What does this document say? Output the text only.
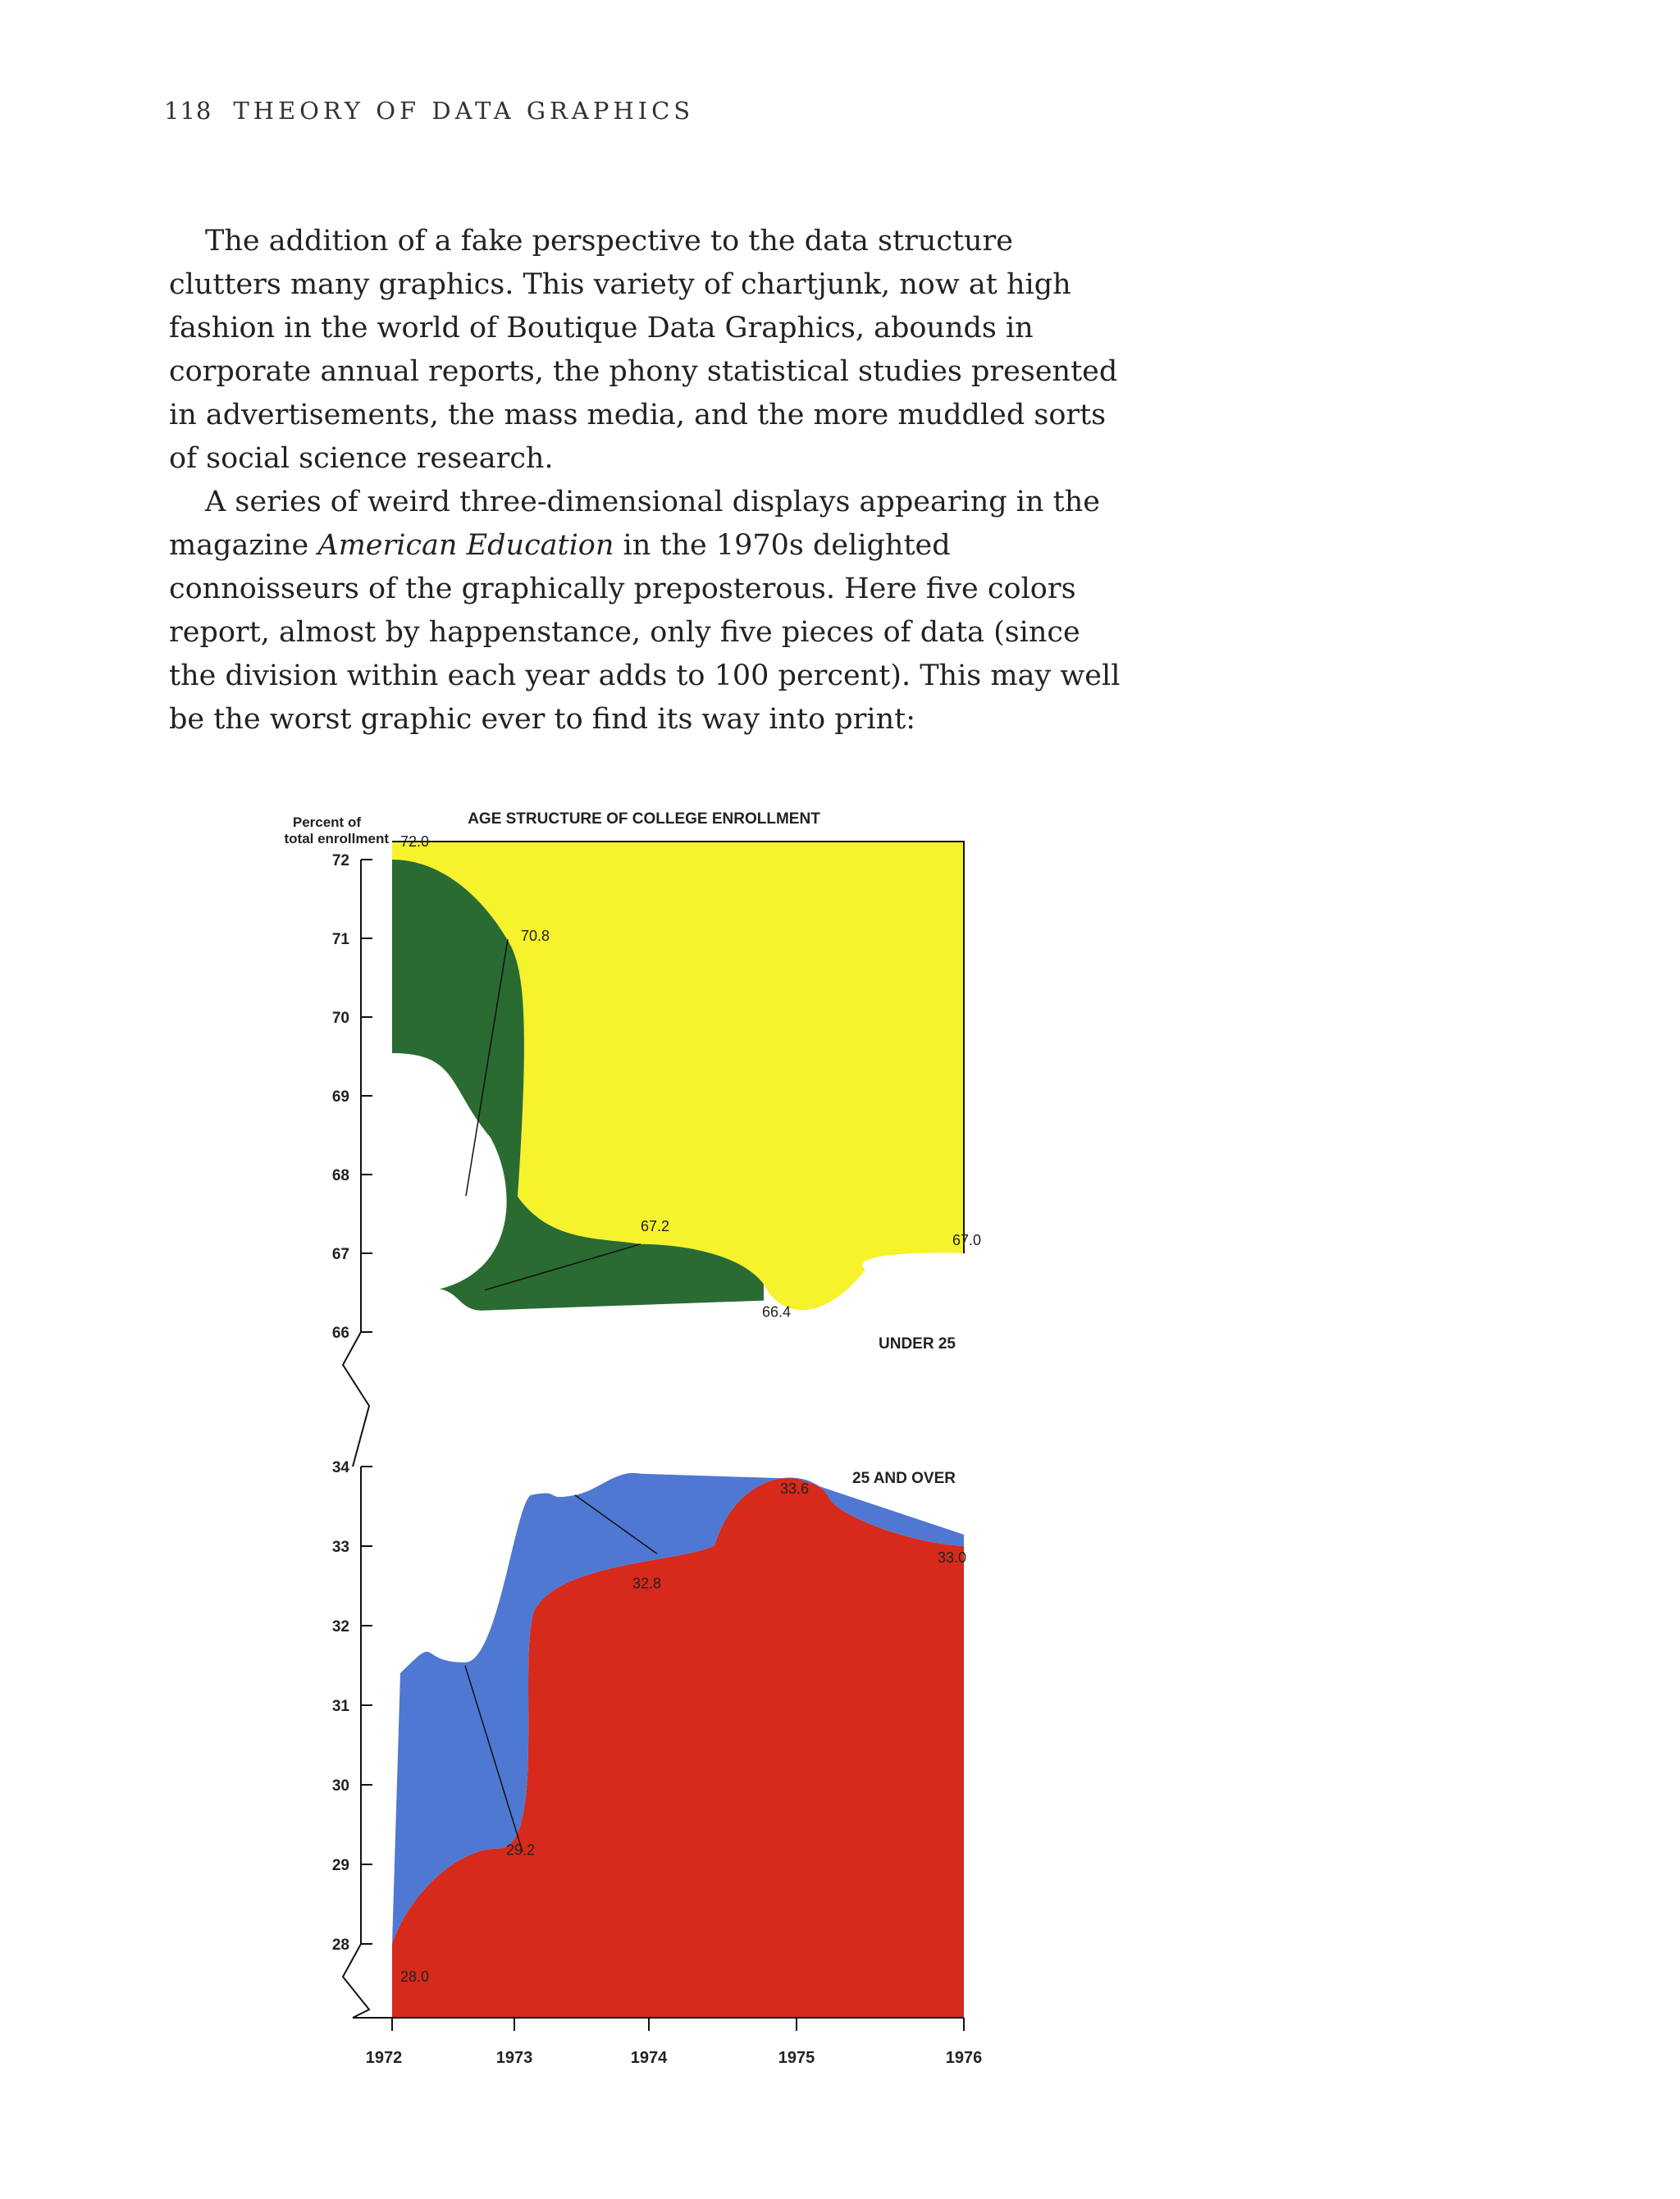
118 THEORY OF DATA GRAPHICS

The addition of a fake perspective to the data structure clutters many graphics. This variety of chartjunk, now at high fashion in the world of Boutique Data Graphics, abounds in corporate annual reports, the phony statistical studies presented in advertisements, the mass media, and the more muddled sorts of social science research.

A series of weird three-dimensional displays appearing in the magazine American Education in the 1970s delighted connoisseurs of the graphically preposterous. Here five colors report, almost by happenstance, only five pieces of data (since the division within each year adds to 100 percent). This may well be the worst graphic ever to find its way into print:

AGE STRUCTURE OF COLLEGE ENROLLMENT
Percent of
total enrollment
72
71
70
69
68
67
66
34
33
32
31
30
29
28
1972	1973	1974	1975	1976
72.0
70.8
67.2
66.4
67.0
28.0
29.2
32.8
33.6
33.0
UNDER 25
25 AND OVER
